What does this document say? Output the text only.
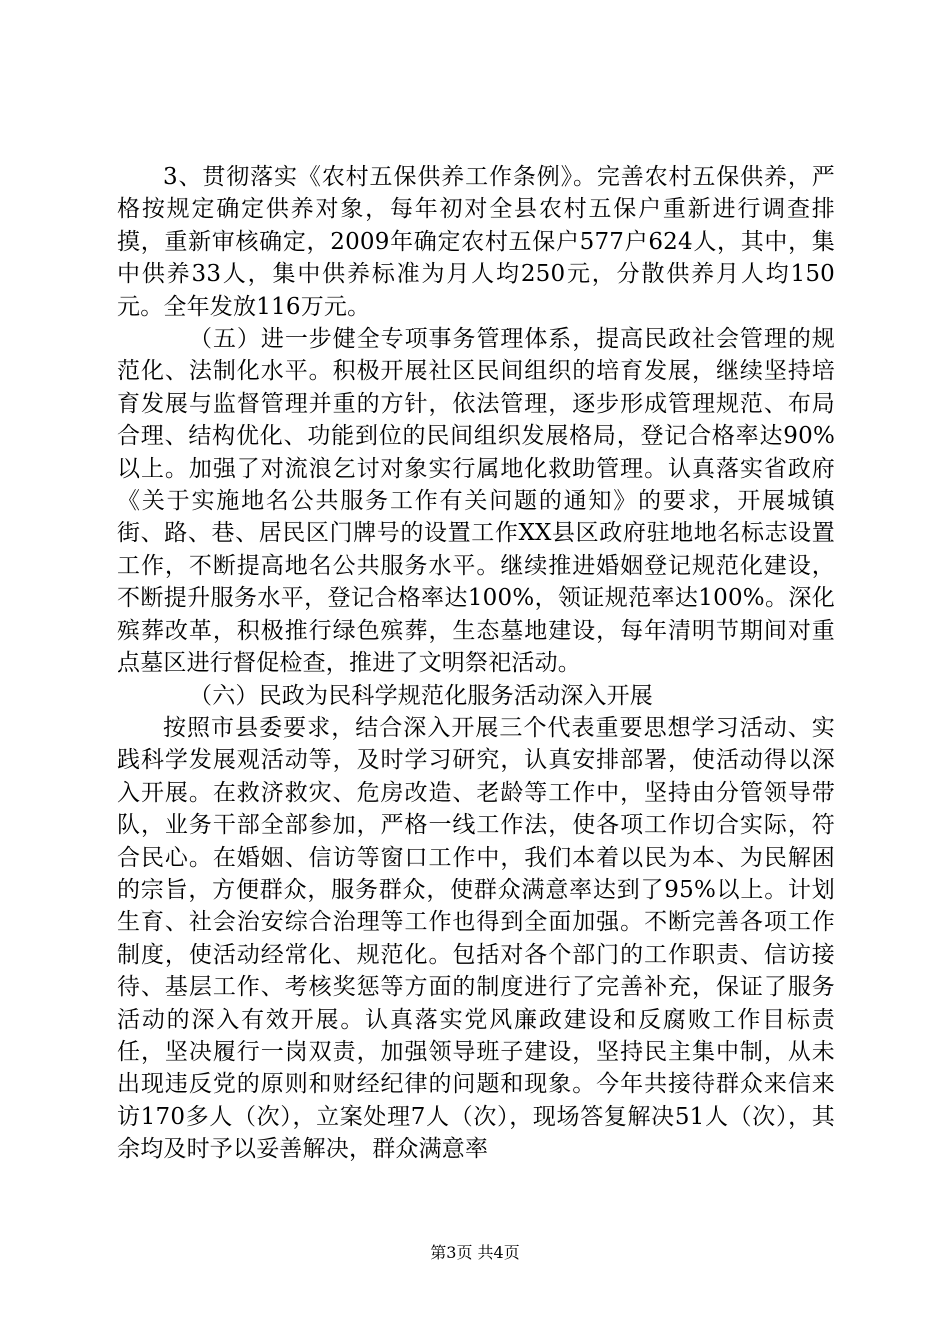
3、贯彻落实《农村五保供养工作条例》。完善农村五保供养，严格按规定确定供养对象，每年初对全县农村五保户重新进行调查排摸，重新审核确定，2009年确定农村五保户577户624人，其中，集中供养33人，集中供养标准为月人均250元，分散供养月人均150元。全年发放116万元。

（五）进一步健全专项事务管理体系，提高民政社会管理的规范化、法制化水平。积极开展社区民间组织的培育发展，继续坚持培育发展与监督管理并重的方针，依法管理，逐步形成管理规范、布局合理、结构优化、功能到位的民间组织发展格局，登记合格率达90%以上。加强了对流浪乞讨对象实行属地化救助管理。认真落实省政府《关于实施地名公共服务工作有关问题的通知》的要求，开展城镇街、路、巷、居民区门牌号的设置工作XX县区政府驻地地名标志设置工作，不断提高地名公共服务水平。继续推进婚姻登记规范化建设，不断提升服务水平，登记合格率达100%，领证规范率达100%。深化殡葬改革，积极推行绿色殡葬，生态墓地建设，每年清明节期间对重点墓区进行督促检查，推进了文明祭祀活动。

（六）民政为民科学规范化服务活动深入开展

按照市县委要求，结合深入开展三个代表重要思想学习活动、实践科学发展观活动等，及时学习研究，认真安排部署，使活动得以深入开展。在救济救灾、危房改造、老龄等工作中，坚持由分管领导带队，业务干部全部参加，严格一线工作法，使各项工作切合实际，符合民心。在婚姻、信访等窗口工作中，我们本着以民为本、为民解困的宗旨，方便群众，服务群众，使群众满意率达到了95%以上。计划生育、社会治安综合治理等工作也得到全面加强。不断完善各项工作制度，使活动经常化、规范化。包括对各个部门的工作职责、信访接待、基层工作、考核奖惩等方面的制度进行了完善补充，保证了服务活动的深入有效开展。认真落实党风廉政建设和反腐败工作目标责任，坚决履行一岗双责，加强领导班子建设，坚持民主集中制，从未出现违反党的原则和财经纪律的问题和现象。今年共接待群众来信来访170多人（次），立案处理7人（次），现场答复解决51人（次），其余均及时予以妥善解决，群众满意率

第3页 共4页
